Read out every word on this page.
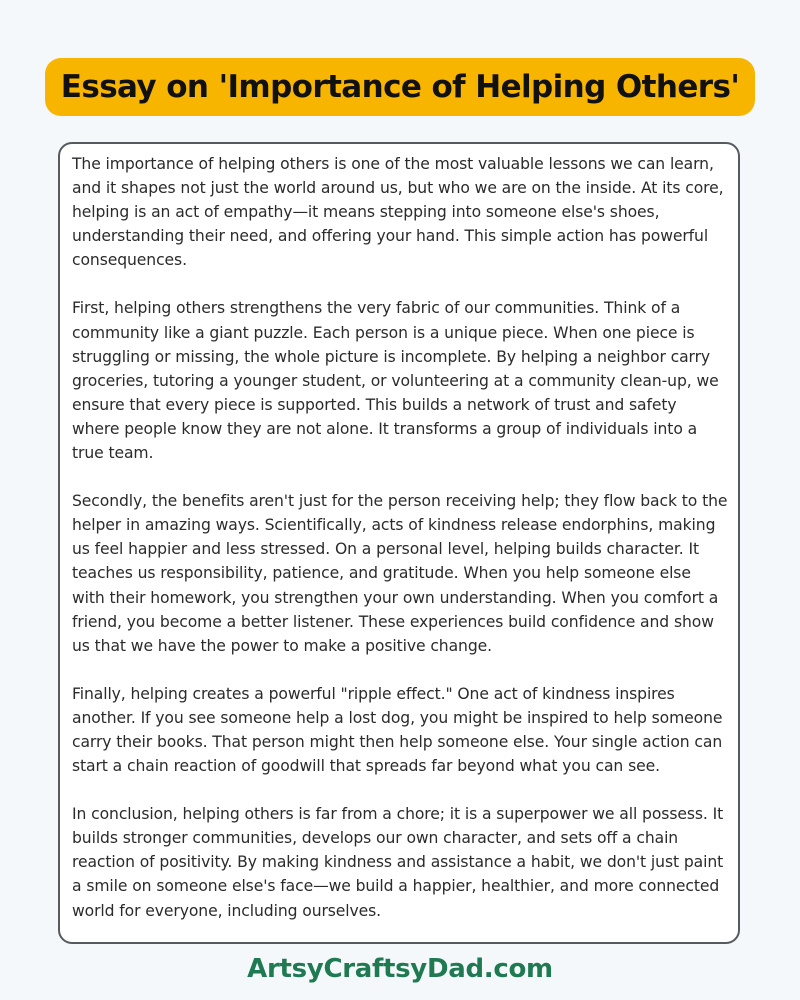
Essay on 'Importance of Helping Others'

The importance of helping others is one of the most valuable lessons we can learn, and it shapes not just the world around us, but who we are on the inside. At its core, helping is an act of empathy—it means stepping into someone else's shoes, understanding their need, and offering your hand. This simple action has powerful consequences.

First, helping others strengthens the very fabric of our communities. Think of a community like a giant puzzle. Each person is a unique piece. When one piece is struggling or missing, the whole picture is incomplete. By helping a neighbor carry groceries, tutoring a younger student, or volunteering at a community clean-up, we ensure that every piece is supported. This builds a network of trust and safety where people know they are not alone. It transforms a group of individuals into a true team.

Secondly, the benefits aren't just for the person receiving help; they flow back to the helper in amazing ways. Scientifically, acts of kindness release endorphins, making us feel happier and less stressed. On a personal level, helping builds character. It teaches us responsibility, patience, and gratitude. When you help someone else with their homework, you strengthen your own understanding. When you comfort a friend, you become a better listener. These experiences build confidence and show us that we have the power to make a positive change.

Finally, helping creates a powerful "ripple effect." One act of kindness inspires another. If you see someone help a lost dog, you might be inspired to help someone carry their books. That person might then help someone else. Your single action can start a chain reaction of goodwill that spreads far beyond what you can see.

In conclusion, helping others is far from a chore; it is a superpower we all possess. It builds stronger communities, develops our own character, and sets off a chain reaction of positivity. By making kindness and assistance a habit, we don't just paint a smile on someone else's face—we build a happier, healthier, and more connected world for everyone, including ourselves.

ArtsyCraftsyDad.com
